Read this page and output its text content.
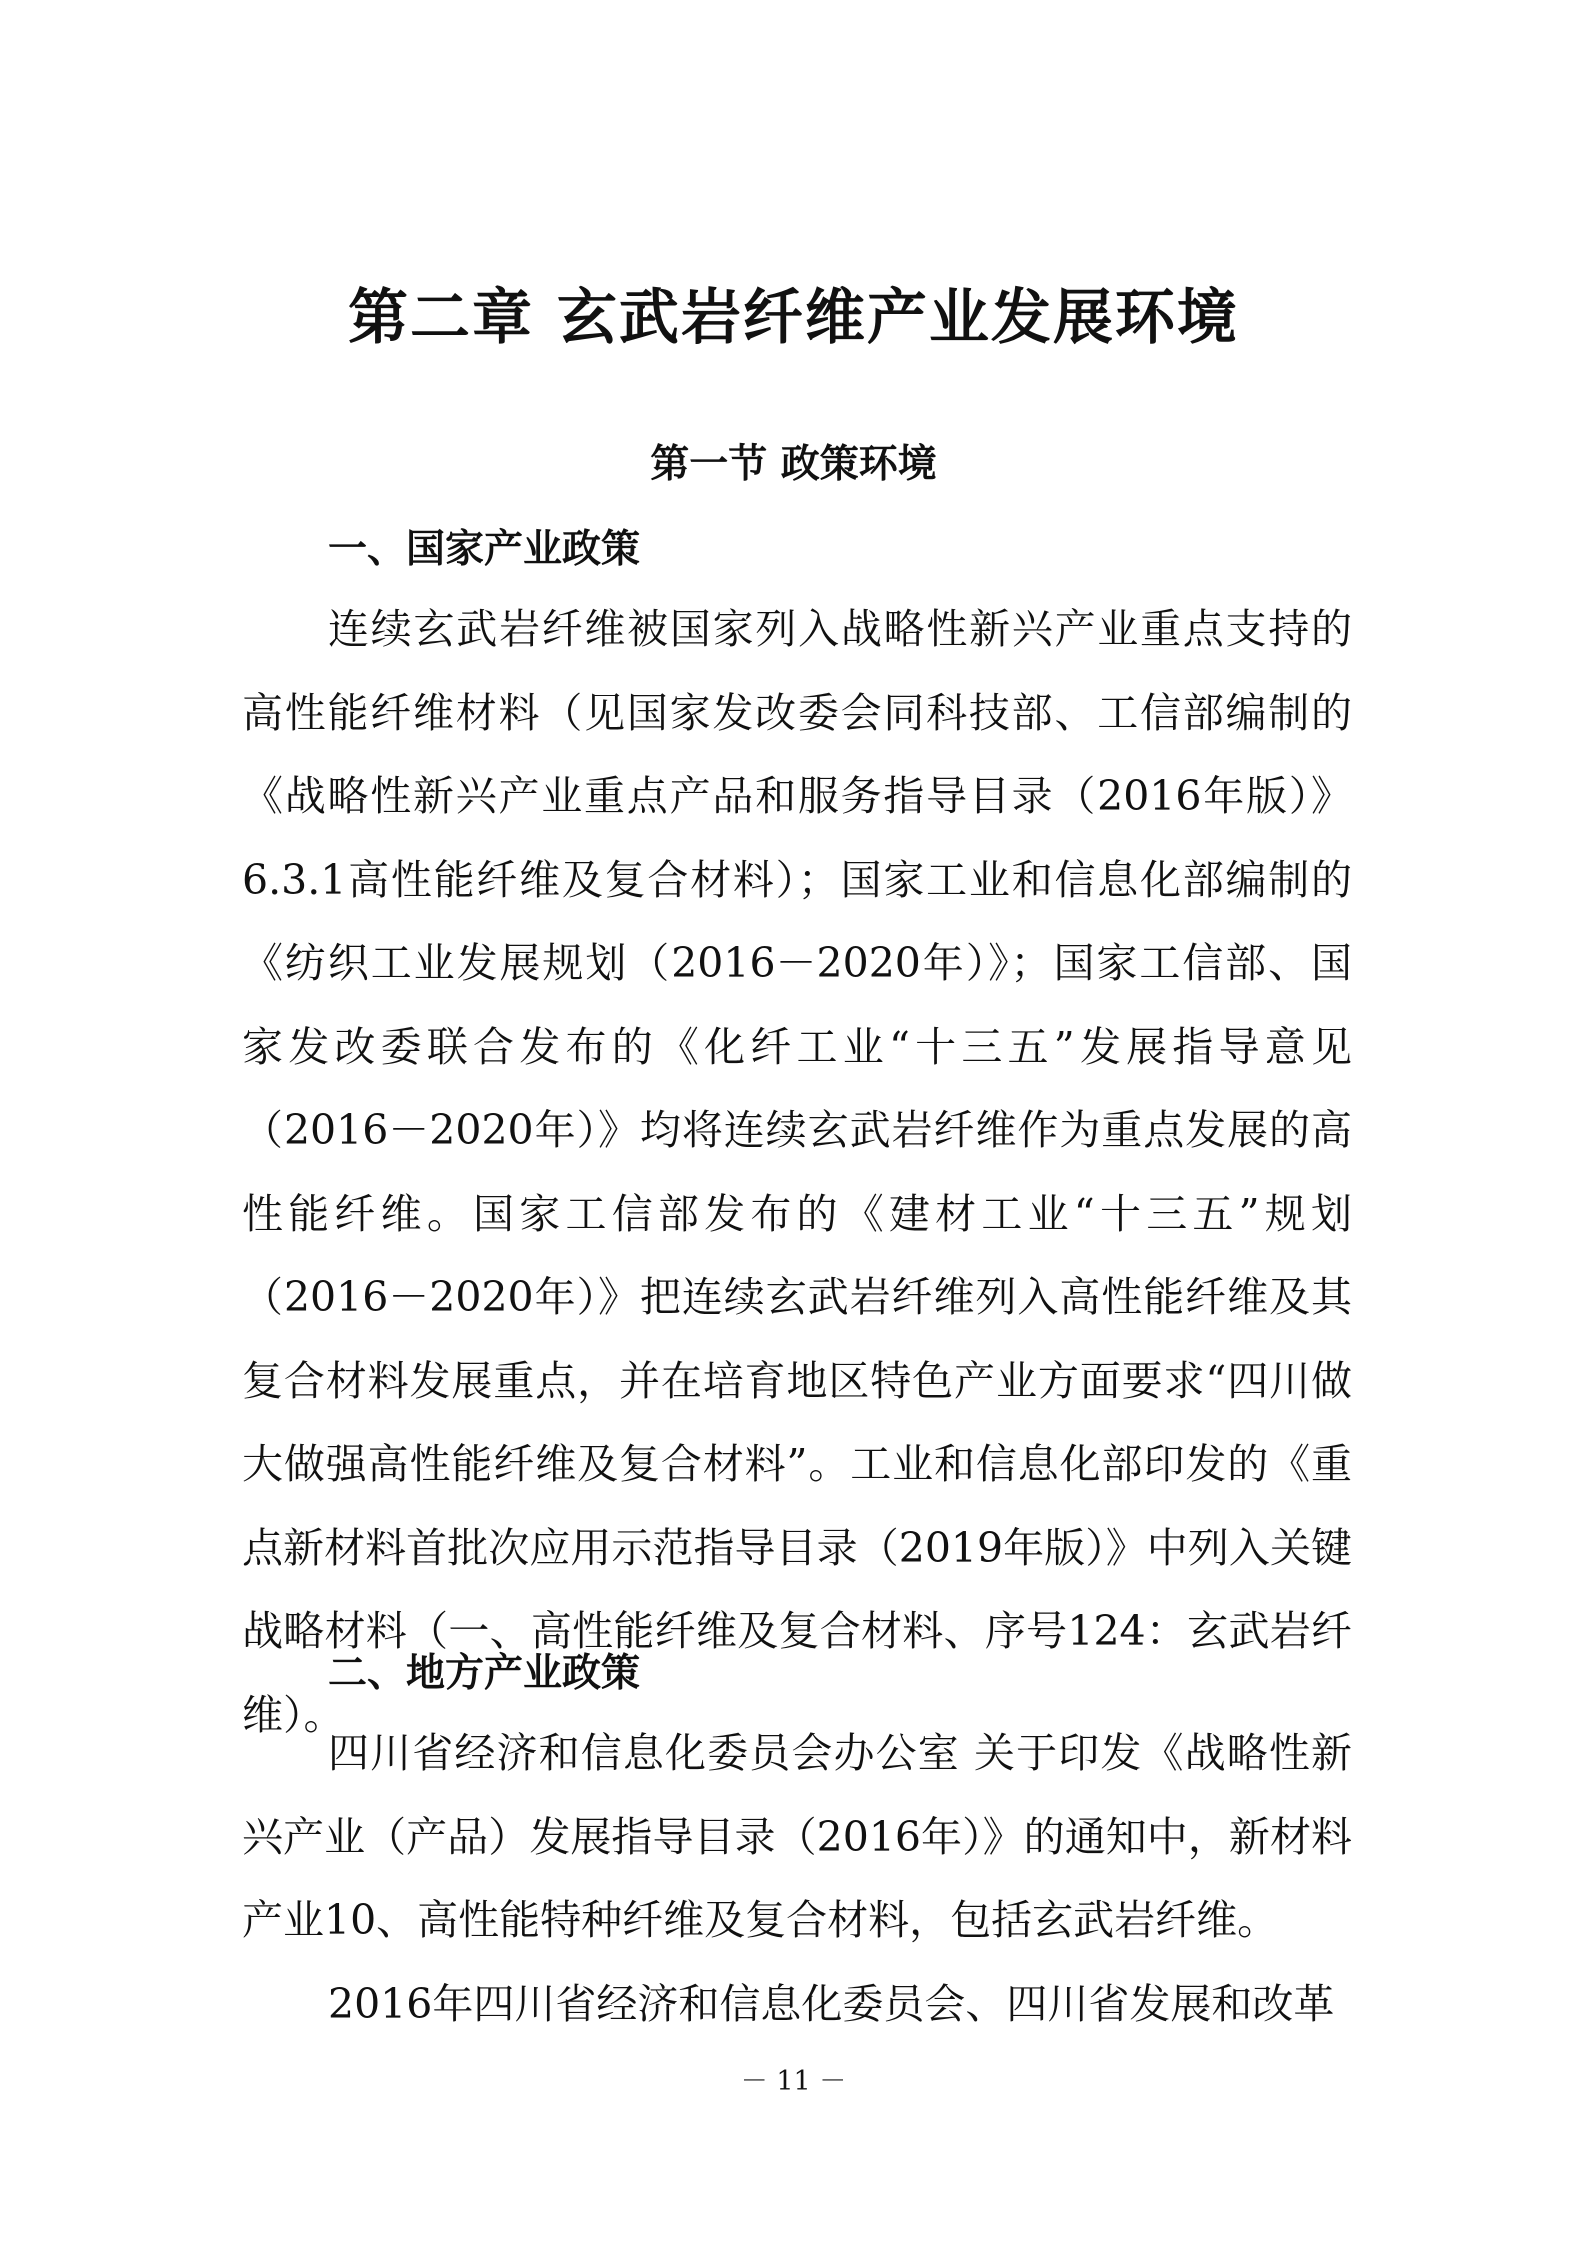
第二章 玄武岩纤维产业发展环境
第一节 政策环境
一、国家产业政策

连续玄武岩纤维被国家列入战略性新兴产业重点支持的高性能纤维材料（见国家发改委会同科技部、工信部编制的《战略性新兴产业重点产品和服务指导目录（2016年版）》6.3.1高性能纤维及复合材料）；国家工业和信息化部编制的《纺织工业发展规划（2016－2020年）》；国家工信部、国家发改委联合发布的《化纤工业“十三五”发展指导意见（2016－2020年）》均将连续玄武岩纤维作为重点发展的高性能纤维。国家工信部发布的《建材工业“十三五”规划（2016－2020年）》把连续玄武岩纤维列入高性能纤维及其复合材料发展重点，并在培育地区特色产业方面要求“四川做大做强高性能纤维及复合材料”。工业和信息化部印发的《重点新材料首批次应用示范指导目录（2019年版）》中列入关键战略材料（一、高性能纤维及复合材料、序号124：玄武岩纤维）。

二、地方产业政策

四川省经济和信息化委员会办公室 关于印发《战略性新兴产业（产品）发展指导目录（2016年）》的通知中，新材料产业10、高性能特种纤维及复合材料，包括玄武岩纤维。

2016年四川省经济和信息化委员会、四川省发展和改革

－ 11 －
